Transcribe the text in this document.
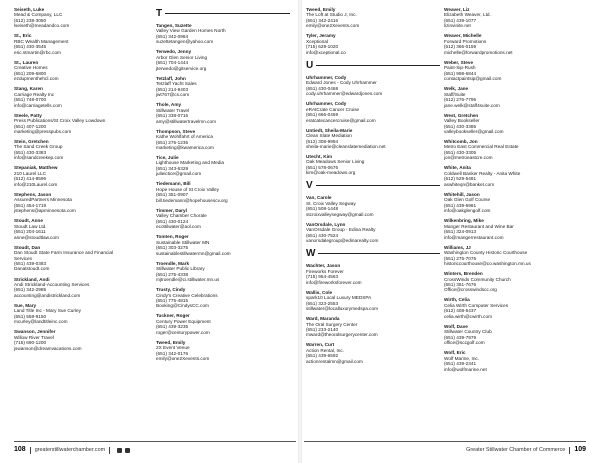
Seiseth, Luke
Mead & Company, LLC
(612) 238-3050
lseiseth@meadandco.com
St., Eric
RBC Wealth Management
(651) 430-3545
eric.stmartin@rbc.com
St., Lauren
Creative Homes
(651) 209-6800
ezdupmenthehcl.com
Stang, Karen
Carriage Realty Inc
(651) 748-0700
info@carriagetells.com
Steele, Patty
Press Publications/St Croix Valley Lowdown
(651) 407-1200
marketing@presspubs.com
Stein, Gretchen
The Sand Creek Group
(651) 430-3383
info@sandcreekep.com
Stepaniak, Matthew
210 Laurel LLC
(612) 414-8596
info@210Laurel.com
Stephens, Jason
AssuredPartners Minnesota
(651) 454-1719
jstephens@apminnesota.com
Stoudt, Anne
Stoudt Law Ltd.
(651) 204-1611
anne@stoudtlaw.com
Stoudt, Dan
Dan Stoudt State Farm Insurance and Financial
Services
(651) 439-0383
Danatstoudt.com
Strickland, Andi
Andi Strickland-Accounting Services
(651) 342-2985
accounting@andistrickland.com
Sue, Mary
Land Title Inc - Mary Sue Curley
(651) 558-9150
mcurley@landtitleinc.com
Swanson, Jennifer
Willow River Travel
(715) 690-1200
jswanson@dreamvacations.com
T
Tangen, Suzette
Valley View Garden Homes North
(651) 342-0984
suzettetangen@yahoo.com
Terwedo, Jenny
Arbor Glen Senior Living
(651) 704-1444
jterwedo@gitservice.org
Tetzlaff, John
Tetzlaff Yacht Sales
(651) 214-9403
jwt767@cs.com
Thole, Amy
Stillwater Travel
(651) 338-0716
amy@stillwatertravelmn.com
Thompson, Steve
Kathe Wohlfahrt of America
(651) 275-1236
marketing@kwamerica.com
Tice, Julie
Lighthouse Marketing and Media
(651) 343-6329
julieictice@gmail.com
Tiedemann, Bill
Hope House of St Croix Valley
(651) 351-0907
bill.tiedemann@hopehousescv.org
Timmer, Daryl
Valley Chamber Chorale
(651) 430-0124
ecottilwater@aol.com
Tomten, Roger
Sustainable Stillwater MN
(651) 303-3275
sustainablestillwatermn@gmail.com
Troendle, Mark
Stillwater Public Library
(651) 275-4338
mjtroendle@ci.stillwater.mn.us
Trusty, Cindy
Cindy's Creative Celebrations
(651) 775-4815
Booking@CindysCC.com
Tuckner, Roger
Century Power Equipment
(651) 439-3235
roger@centurypower.com
Tweed, Emily
2X Event Venue
(651) 342-0176
emily@one2Xevents.com
Tweed, Emily
The Loft at Studio J, Inc.
(651) 342-2416
emily@one2Xevents.com
Tyler, Jeramy
Xceptional
(715) 629-1020
info@xceptional.co
U
Uhrhammer, Cody
Edward Jones - Cody Uhrhammer
(651) 430-0468
cody.uhrhammer@edwardjones.com
Uhrhammer, Cody
eRAtCrate Cancer Cruise
(651) 666-0469
eratcatecancercruise@gmail.com
Untiedt, Sheila-Marie
Clean Slate Mediation
(612) 308-9994
sheila-marie@cleanslatemediation.net
Utecht, Kim
Oak Meadows Senior Living
(651) 578-0676
kim@oak-meadows.org
V
Van, Carole
St. Croix Valley Segway
(651) 508-1448
stcroixvalleysegway@gmail.com
VanOrsdale, Lynn
VanOrsdale Group - Edina Realty
(651) 430-7524
vanorsdalegroup@edinarealty.com
W
Wachter, Jason
Fireworks Forever
(715) 954-4563
info@fireworksforever.com
Wallis, Cole
spark10 Local Luxury MEDSPA
(651) 323-2553
stillwater@localluxurymedspa.com
Ward, Maranda
The Oral Surgery Center
(651) 233-2140
mward@theoralsurgerycenter.com
Warren, Curt
Action Rental, Inc.
(651) 439-6592
actionrentalmn@gmail.com
Weaver, Liz
Elizabeth Weaver, Ltd.
(651) 439-1077
lizinvinite.net
Weaver, Michelle
Forward Promotions
(612) 366-0159
michelle@forwardpromotions.net
Weber, Steve
Paint-Sip-Rush
(651) 998-6844
contactpaintsip@gmail.com
Welk, Jane
Staff/Suite
(612) 276-7796
jane.welk@staff4suite.com
West, Gretchen
Valley Bookseller
(651) 430-3385
valleybookseller@gmail.com
Whitcomb, Jon
Metro East Commercial Real Estate
(651) 430-3305
jon@metroeastcre.com
White, Anita
Coldwell Banker Realty - Anita White
(612) 529-5481
aswhiteqn@banket.com
Whitehill, Jason
Oak Glen Golf Course
(651) 439-6981
info@oakglengolf.com
Wilkenbring, Mike
Manger Restaurant and Wine Bar
(651) 324-0913
info@mangerrestaurant.com
Williams, JJ
Washington County Historic Courthouse
(651) 275-7075
historiccourthouse@co.washington.mn.us
Winters, Brenden
CrossWinds Community Church
(651) 351-7676
Office@crosswindscc.org
Wirth, Celia
Celia Wirth Computer Services
(612) 408-5437
celia.wirth@cwirth.com
Wolf, Dave
Stillwater Country Club
(651) 439-7979
office@sccgolf.com
Wolf, Eric
Wolf Marine, Inc.
(651) 439-2341
info@wolfmarine.net
108 greaterstillwaterchamber.com	Greater Stillwater Chamber of Commerce 109
